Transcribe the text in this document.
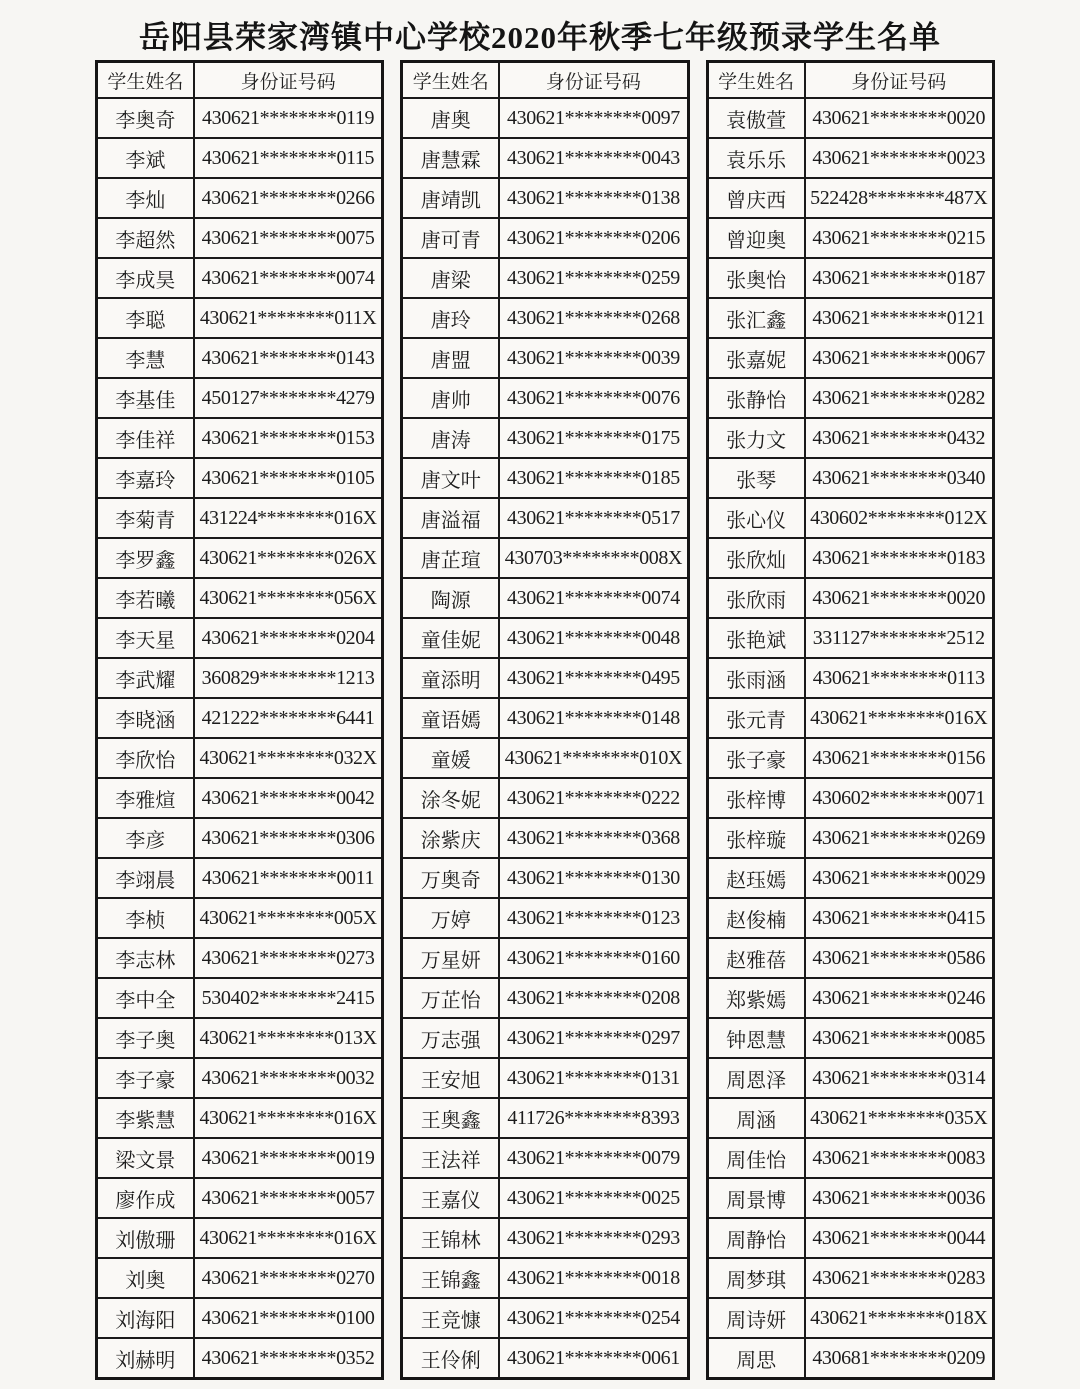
岳阳县荣家湾镇中心学校2020年秋季七年级预录学生名单
学生姓名	身份证号码
李奥奇	430621********0119
李斌	430621********0115
李灿	430621********0266
李超然	430621********0075
李成昊	430621********0074
李聪	430621********011X
李慧	430621********0143
李基佳	450127********4279
李佳祥	430621********0153
李嘉玲	430621********0105
李菊青	431224********016X
李罗鑫	430621********026X
李若曦	430621********056X
李天星	430621********0204
李武耀	360829********1213
李晓涵	421222********6441
李欣怡	430621********032X
李雅煊	430621********0042
李彦	430621********0306
李翊晨	430621********0011
李桢	430621********005X
李志林	430621********0273
李中全	530402********2415
李子奥	430621********013X
李子豪	430621********0032
李紫慧	430621********016X
梁文景	430621********0019
廖作成	430621********0057
刘傲珊	430621********016X
刘奥	430621********0270
刘海阳	430621********0100
刘赫明	430621********0352
学生姓名	身份证号码
唐奥	430621********0097
唐慧霖	430621********0043
唐靖凯	430621********0138
唐可青	430621********0206
唐梁	430621********0259
唐玲	430621********0268
唐盟	430621********0039
唐帅	430621********0076
唐涛	430621********0175
唐文叶	430621********0185
唐溢福	430621********0517
唐芷瑄	430703********008X
陶源	430621********0074
童佳妮	430621********0048
童添明	430621********0495
童语嫣	430621********0148
童媛	430621********010X
涂冬妮	430621********0222
涂紫庆	430621********0368
万奥奇	430621********0130
万婷	430621********0123
万星妍	430621********0160
万芷怡	430621********0208
万志强	430621********0297
王安旭	430621********0131
王奥鑫	411726********8393
王法祥	430621********0079
王嘉仪	430621********0025
王锦林	430621********0293
王锦鑫	430621********0018
王竞慷	430621********0254
王伶俐	430621********0061
学生姓名	身份证号码
袁傲萱	430621********0020
袁乐乐	430621********0023
曾庆西	522428********487X
曾迎奥	430621********0215
张奥怡	430621********0187
张汇鑫	430621********0121
张嘉妮	430621********0067
张静怡	430621********0282
张力文	430621********0432
张琴	430621********0340
张心仪	430602********012X
张欣灿	430621********0183
张欣雨	430621********0020
张艳斌	331127********2512
张雨涵	430621********0113
张元青	430621********016X
张子豪	430621********0156
张梓博	430602********0071
张梓璇	430621********0269
赵珏嫣	430621********0029
赵俊楠	430621********0415
赵雅蓓	430621********0586
郑紫嫣	430621********0246
钟恩慧	430621********0085
周恩泽	430621********0314
周涵	430621********035X
周佳怡	430621********0083
周景博	430621********0036
周静怡	430621********0044
周梦琪	430621********0283
周诗妍	430621********018X
周思	430681********0209
